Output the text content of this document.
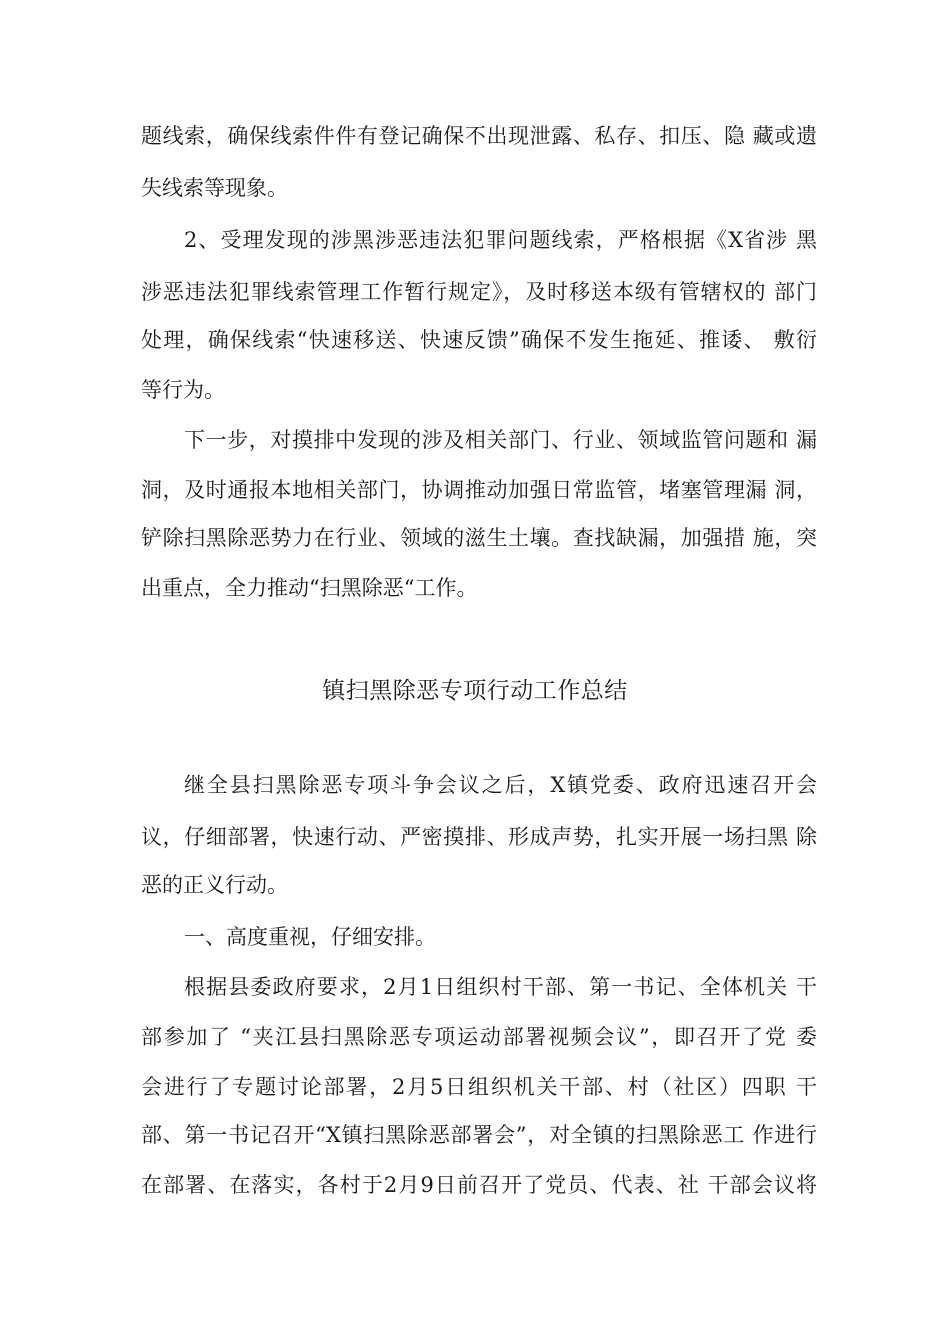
题线索，确保线索件件有登记确保不出现泄露、私存、扣压、隐 藏或遗
失线索等现象。
2、受理发现的涉黑涉恶违法犯罪问题线索，严格根据《X省涉 黑
涉恶违法犯罪线索管理工作暂行规定》，及时移送本级有管辖权的 部门
处理，确保线索“快速移送、快速反馈”确保不发生拖延、推诿、 敷衍
等行为。
下一步，对摸排中发现的涉及相关部门、行业、领域监管问题和 漏
洞，及时通报本地相关部门，协调推动加强日常监管，堵塞管理漏 洞，
铲除扫黑除恶势力在行业、领域的滋生土壤。查找缺漏，加强措 施，突
出重点，全力推动“扫黑除恶“工作。
镇扫黑除恶专项行动工作总结
继全县扫黑除恶专项斗争会议之后，X镇党委、政府迅速召开会
议，仔细部署，快速行动、严密摸排、形成声势，扎实开展一场扫黑 除
恶的正义行动。
一、高度重视，仔细安排。
根据县委政府要求，2月1日组织村干部、第一书记、全体机关 干
部参加了 “夹江县扫黑除恶专项运动部署视频会议”，即召开了党 委
会进行了专题讨论部署，2月5日组织机关干部、村（社区）四职 干
部、第一书记召开“X镇扫黑除恶部署会”，对全镇的扫黑除恶工 作进行
在部署、在落实，各村于2月9日前召开了党员、代表、社 干部会议将
